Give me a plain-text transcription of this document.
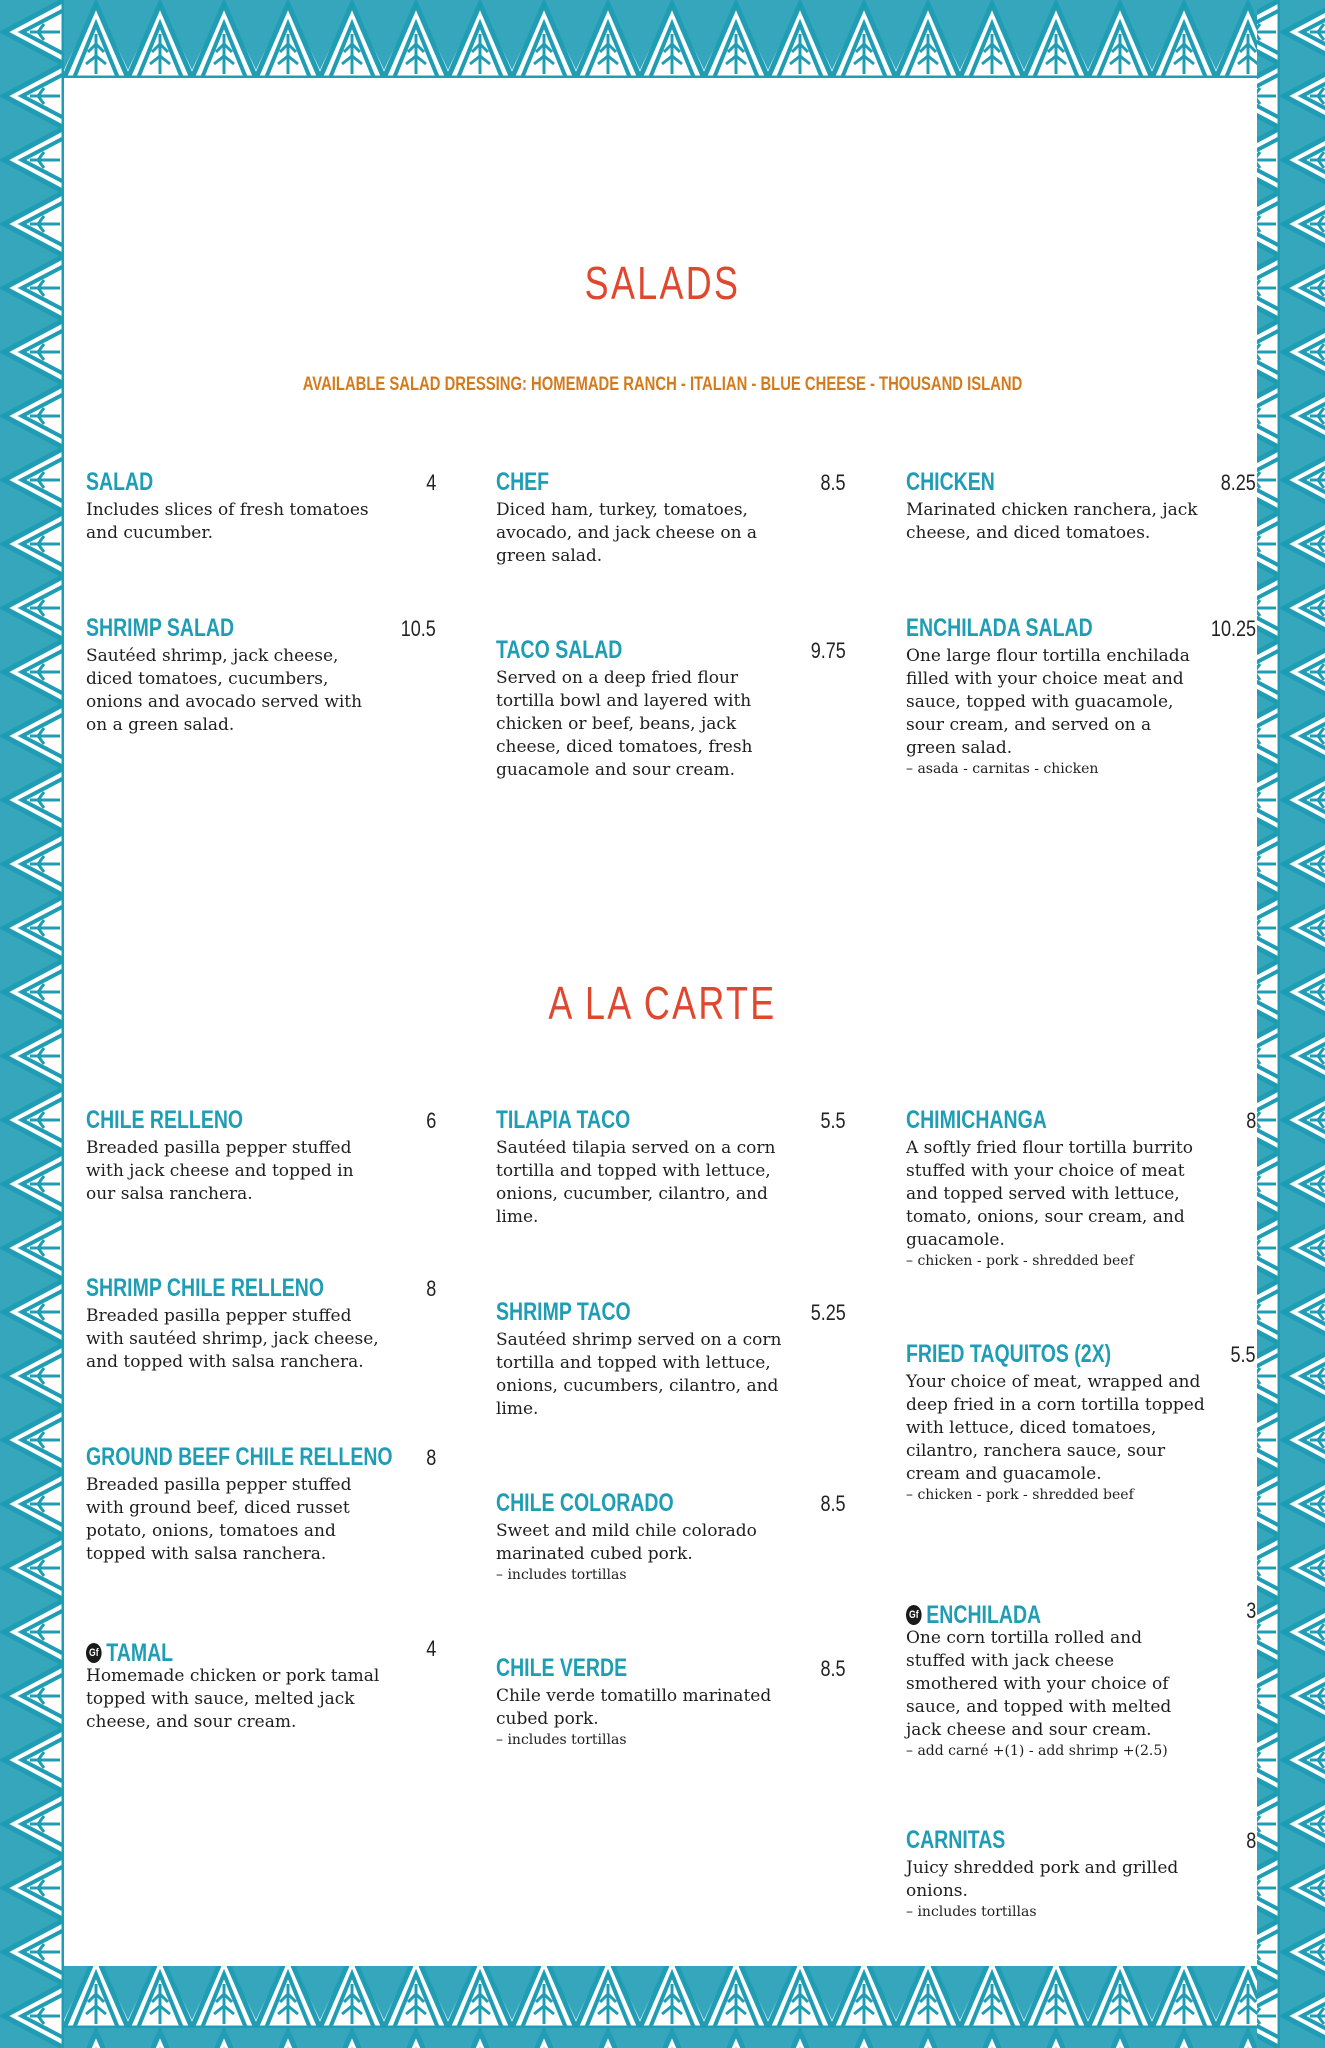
SALADS
AVAILABLE SALAD DRESSING: HOMEMADE RANCH - ITALIAN - BLUE CHEESE - THOUSAND ISLAND
SALAD	4
Includes slices of fresh tomatoes and cucumber.
CHEF	8.5
Diced ham, turkey, tomatoes, avocado, and jack cheese on a green salad.
CHICKEN	8.25
Marinated chicken ranchera, jack cheese, and diced tomatoes.
SHRIMP SALAD	10.5
Sautéed shrimp, jack cheese, diced tomatoes, cucumbers, onions and avocado served with on a green salad.
TACO SALAD	9.75
Served on a deep fried flour tortilla bowl and layered with chicken or beef, beans, jack cheese, diced tomatoes, fresh guacamole and sour cream.
ENCHILADA SALAD	10.25
One large flour tortilla enchilada filled with your choice meat and sauce, topped with guacamole, sour cream, and served on a green salad.
– asada - carnitas - chicken
A LA CARTE
CHILE RELLENO	6
Breaded pasilla pepper stuffed with jack cheese and topped in our salsa ranchera.
TILAPIA TACO	5.5
Sautéed tilapia served on a corn tortilla and topped with lettuce, onions, cucumber, cilantro, and lime.
CHIMICHANGA	8
A softly fried flour tortilla burrito stuffed with your choice of meat and topped served with lettuce, tomato, onions, sour cream, and guacamole.
– chicken - pork - shredded beef
SHRIMP CHILE RELLENO	8
Breaded pasilla pepper stuffed with sautéed shrimp, jack cheese, and topped with salsa ranchera.
SHRIMP TACO	5.25
Sautéed shrimp served on a corn tortilla and topped with lettuce, onions, cucumbers, cilantro, and lime.
FRIED TAQUITOS (2X)	5.5
Your choice of meat, wrapped and deep fried in a corn tortilla topped with lettuce, diced tomatoes, cilantro, ranchera sauce, sour cream and guacamole.
– chicken - pork - shredded beef
GROUND BEEF CHILE RELLENO 8
Breaded pasilla pepper stuffed with ground beef, diced russet potato, onions, tomatoes and topped with salsa ranchera.
CHILE COLORADO	8.5
Sweet and mild chile colorado marinated cubed pork.
– includes tortillas
Gf ENCHILADA	3
One corn tortilla rolled and stuffed with jack cheese smothered with your choice of sauce, and topped with melted jack cheese and sour cream.
– add carné +(1) - add shrimp +(2.5)
Gf TAMAL	4
Homemade chicken or pork tamal topped with sauce, melted jack cheese, and sour cream.
CHILE VERDE	8.5
Chile verde tomatillo marinated cubed pork.
– includes tortillas
CARNITAS	8
Juicy shredded pork and grilled onions.
– includes tortillas
